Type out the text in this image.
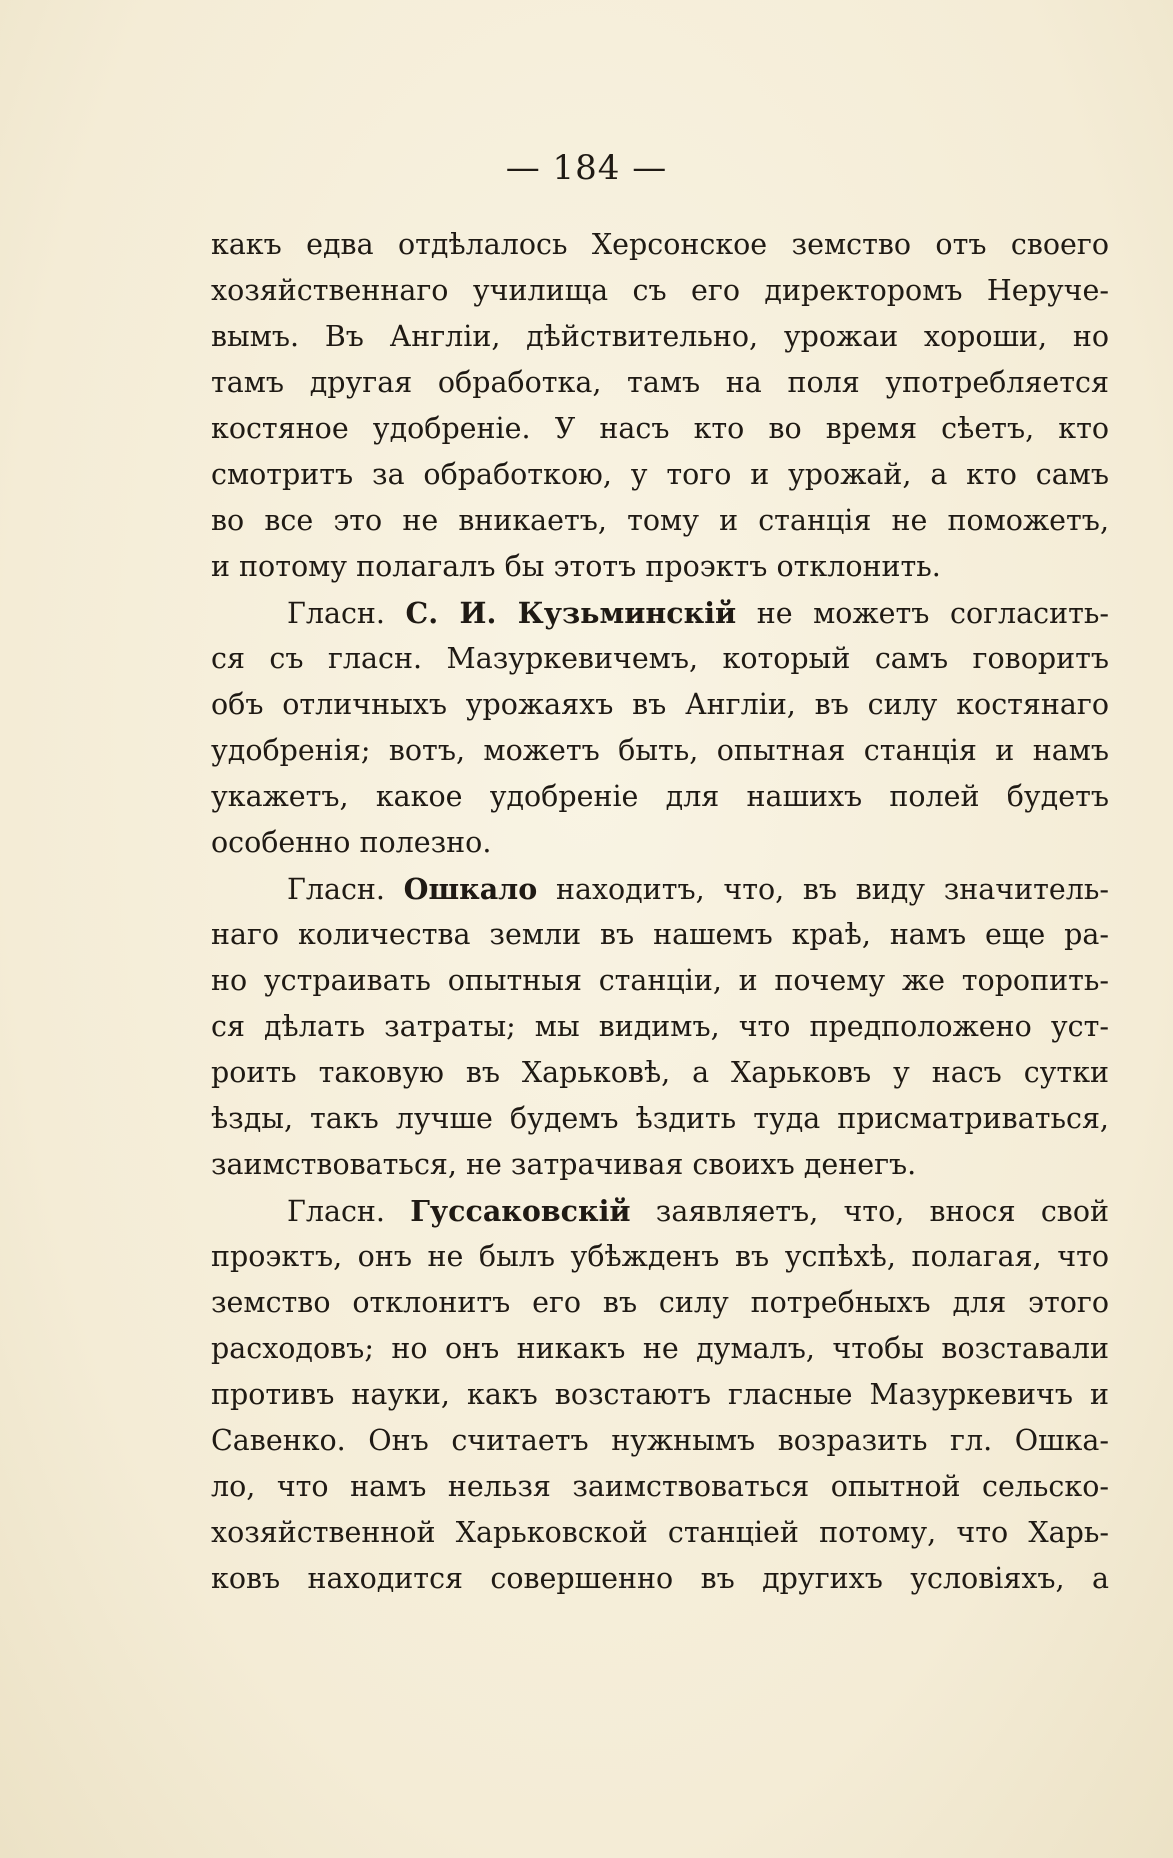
— 184 —
какъ едва отдѣлалось Херсонское земство отъ своего
хозяйственнаго училища съ его директоромъ Неруче-
вымъ. Въ Англіи, дѣйствительно, урожаи хороши, но
тамъ другая обработка, тамъ на поля употребляется
костяное удобреніе. У насъ кто во время сѣетъ, кто
смотритъ за обработкою, у того и урожай, а кто самъ
во все это не вникаетъ, тому и станція не поможетъ,
и потому полагалъ бы этотъ проэктъ отклонить.
Гласн. С. И. Кузьминскій не можетъ согласить-
ся съ гласн. Мазуркевичемъ, который самъ говоритъ
объ отличныхъ урожаяхъ въ Англіи, въ силу костянаго
удобренія; вотъ, можетъ быть, опытная станція и намъ
укажетъ, какое удобреніе для нашихъ полей будетъ
особенно полезно.
Гласн. Ошкало находитъ, что, въ виду значитель-
наго количества земли въ нашемъ краѣ, намъ еще ра-
но устраивать опытныя станціи, и почему же торопить-
ся дѣлать затраты; мы видимъ, что предположено уст-
роить таковую въ Харьковѣ, а Харьковъ у насъ сутки
ѣзды, такъ лучше будемъ ѣздить туда присматриваться,
заимствоваться, не затрачивая своихъ денегъ.
Гласн. Гуссаковскій заявляетъ, что, внося свой
проэктъ, онъ не былъ убѣжденъ въ успѣхѣ, полагая, что
земство отклонитъ его въ силу потребныхъ для этого
расходовъ; но онъ никакъ не думалъ, чтобы возставали
противъ науки, какъ возстаютъ гласные Мазуркевичъ и
Савенко. Онъ считаетъ нужнымъ возразить гл. Ошка-
ло, что намъ нельзя заимствоваться опытной сельско-
хозяйственной Харьковской станціей потому, что Харь-
ковъ находится совершенно въ другихъ условіяхъ, а
